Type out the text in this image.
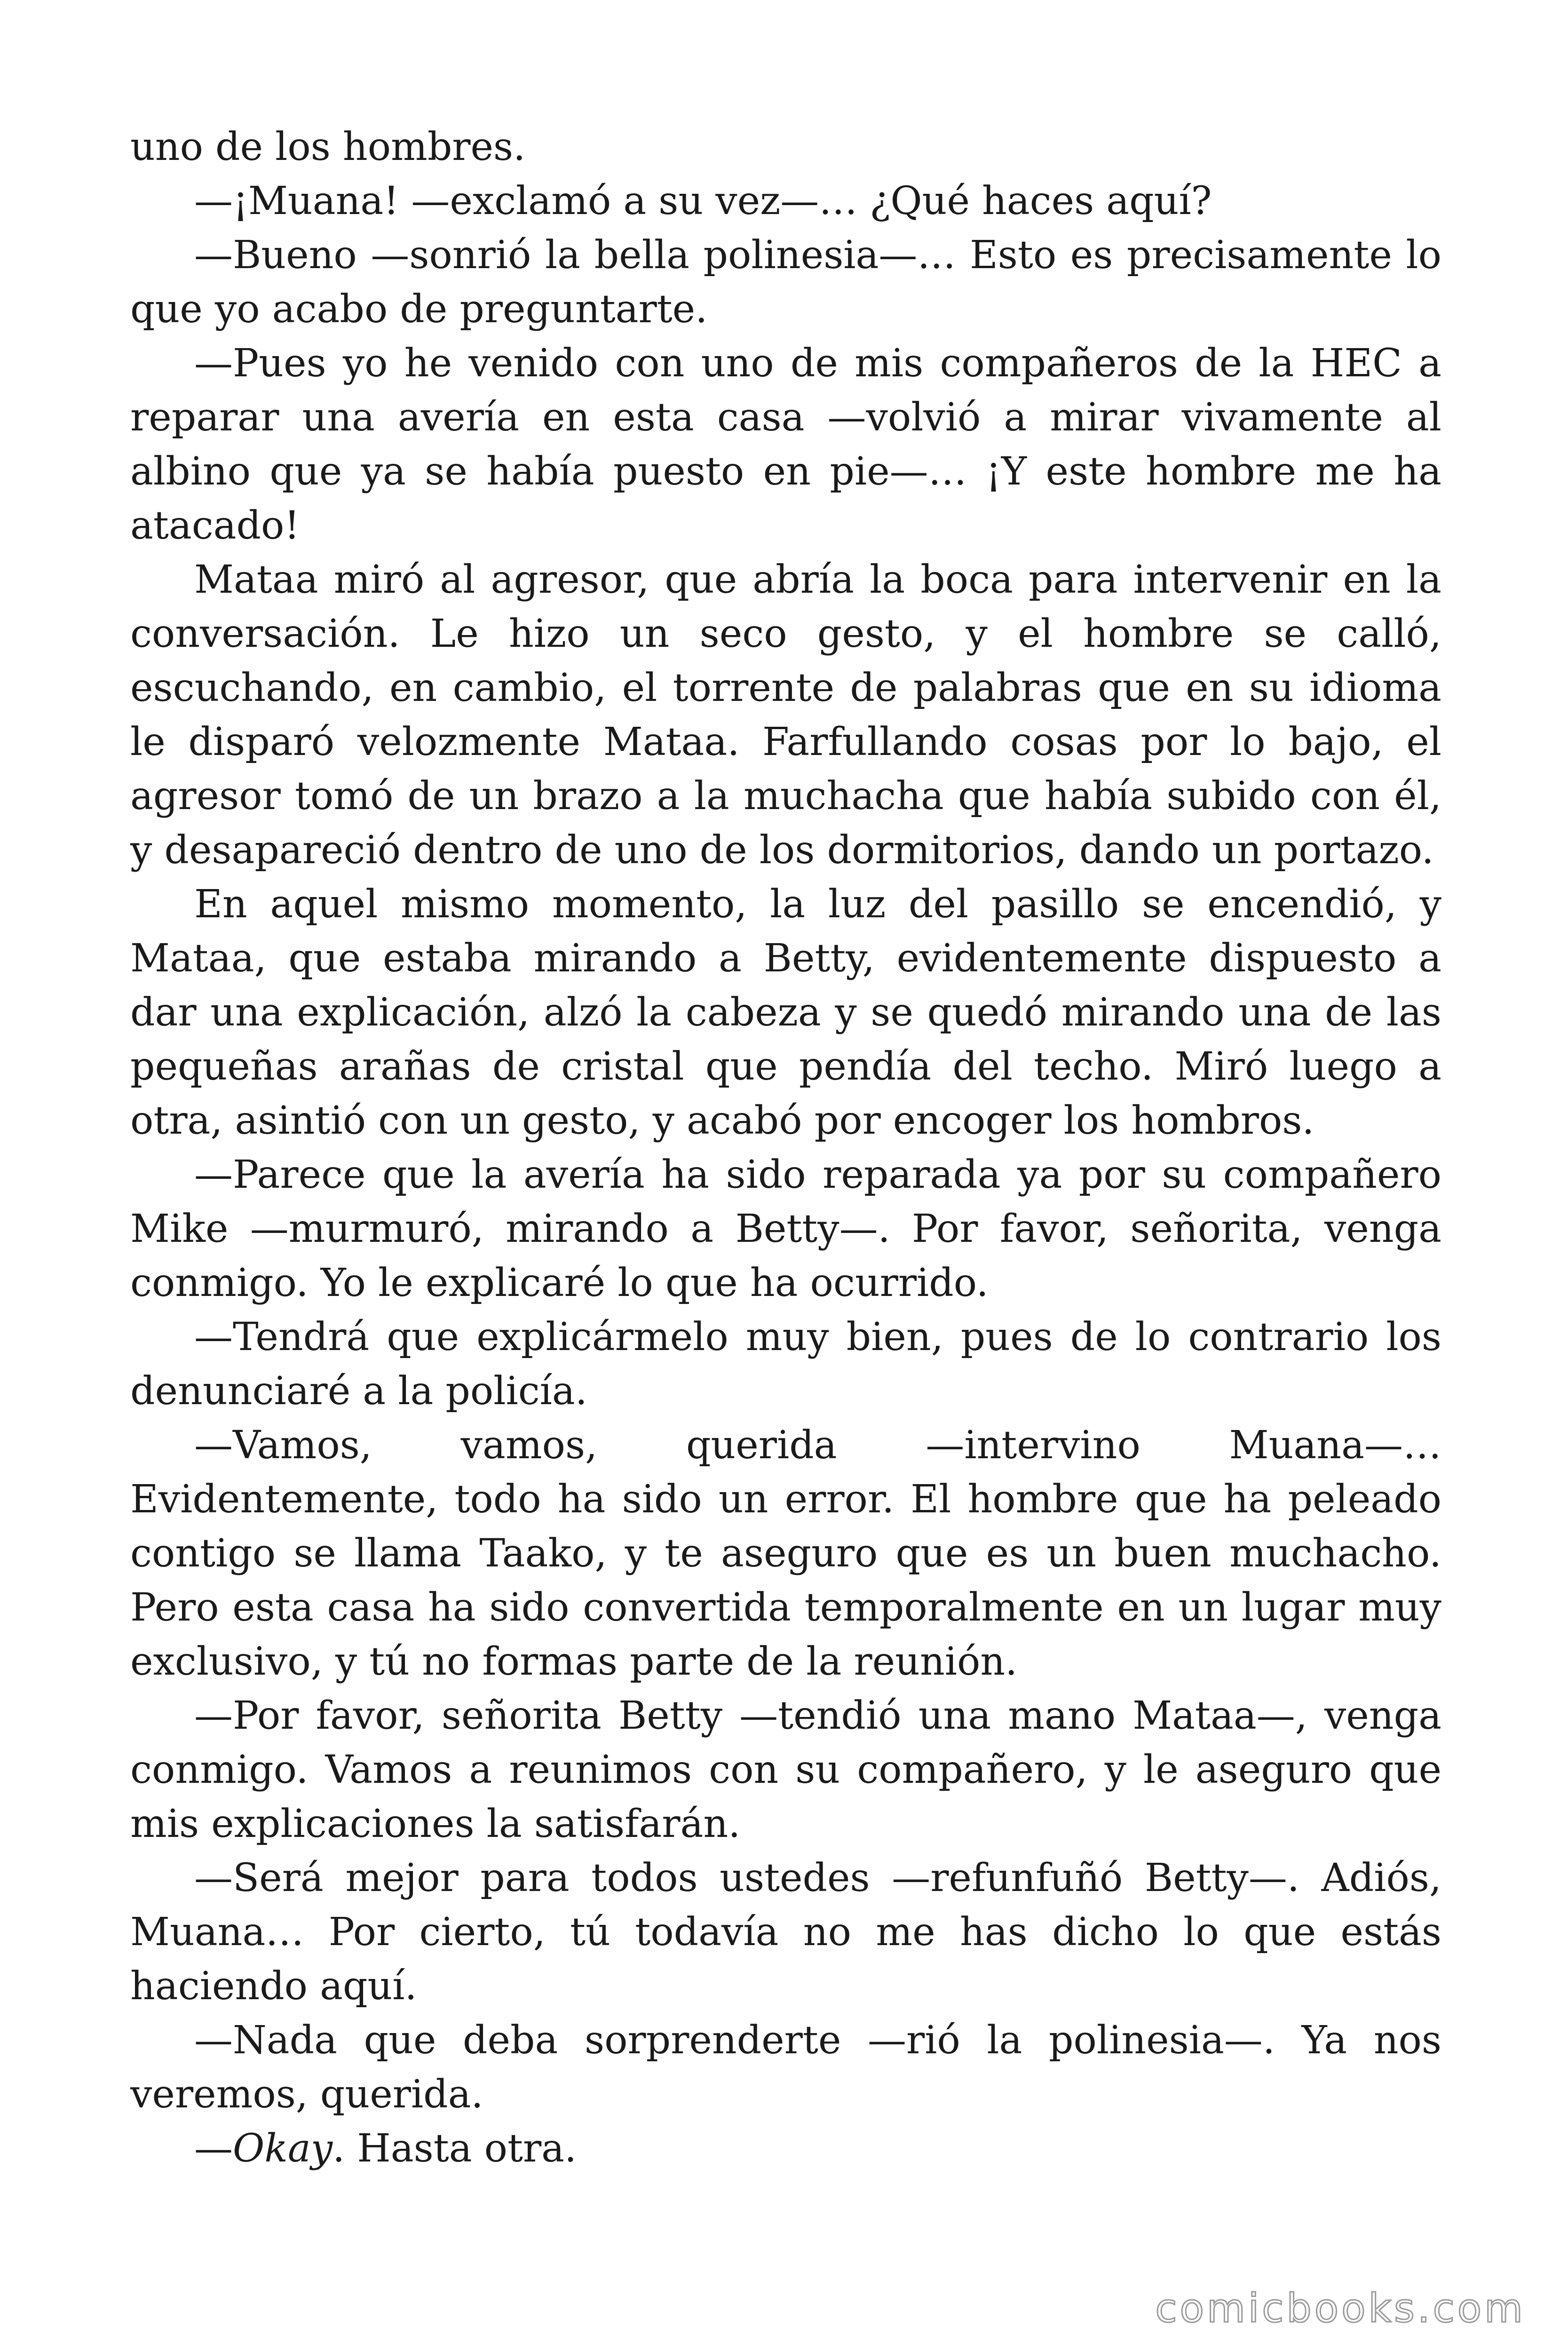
uno de los hombres.

—¡Muana! —exclamó a su vez—… ¿Qué haces aquí?

—Bueno —sonrió la bella polinesia—… Esto es precisamente lo que yo acabo de preguntarte.

—Pues yo he venido con uno de mis compañeros de la HEC a reparar una avería en esta casa —volvió a mirar vivamente al albino que ya se había puesto en pie—… ¡Y este hombre me ha atacado!

Mataa miró al agresor, que abría la boca para intervenir en la conversación. Le hizo un seco gesto, y el hombre se calló, escuchando, en cambio, el torrente de palabras que en su idioma le disparó velozmente Mataa. Farfullando cosas por lo bajo, el agresor tomó de un brazo a la muchacha que había subido con él, y desapareció dentro de uno de los dormitorios, dando un portazo.

En aquel mismo momento, la luz del pasillo se encendió, y Mataa, que estaba mirando a Betty, evidentemente dispuesto a dar una explicación, alzó la cabeza y se quedó mirando una de las pequeñas arañas de cristal que pendía del techo. Miró luego a otra, asintió con un gesto, y acabó por encoger los hombros.

—Parece que la avería ha sido reparada ya por su compañero Mike —murmuró, mirando a Betty—. Por favor, señorita, venga conmigo. Yo le explicaré lo que ha ocurrido.

—Tendrá que explicármelo muy bien, pues de lo contrario los denunciaré a la policía.

—Vamos, vamos, querida —intervino Muana—… Evidentemente, todo ha sido un error. El hombre que ha peleado contigo se llama Taako, y te aseguro que es un buen muchacho. Pero esta casa ha sido convertida temporalmente en un lugar muy exclusivo, y tú no formas parte de la reunión.

—Por favor, señorita Betty —tendió una mano Mataa—, venga conmigo. Vamos a reunimos con su compañero, y le aseguro que mis explicaciones la satisfarán.

—Será mejor para todos ustedes —refunfuñó Betty—. Adiós, Muana… Por cierto, tú todavía no me has dicho lo que estás haciendo aquí.

—Nada que deba sorprenderte —rió la polinesia—. Ya nos veremos, querida.

—Okay. Hasta otra.

comicbooks.com
